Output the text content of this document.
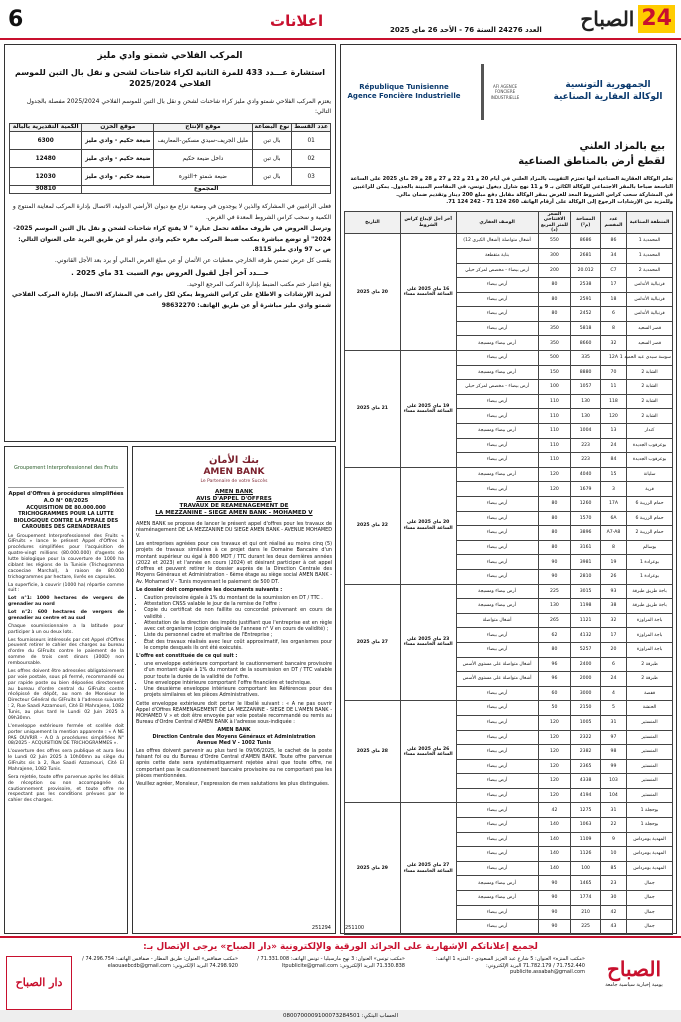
6	اعلانات	العدد 24276 السنة 76 - الأحد 26 ماي 2025 الصباح 24
République Tunisienne
Agence Foncière Industrielle
AFI AGENCE FONCIERE INDUSTRIELLE
الجمهورية التونسية
الوكالة العقارية الصناعية
بيع بالمزاد العلني
لقطع أرض بالمناطق الصناعية
تعلم الوكالة العقارية الصناعية أنها تعتزم التفويت بالمزاد العلني في أيام 20 و 21 و 22 و 27 و 28 و 29 ماي 2025 على الساعة التاسعة صباحا بالمقر الاجتماعي للوكالة الكائن بـ 9 و 11 نهج شارل ديغول تونس، في المقاسم المبينة بالجدول. يمكن للراغبين في المشاركة سحب كراس الشروط المعد للغرض بمقر الوكالة مقابل دفع مبلغ 200 دينار وتقديم ضمان مالي.
وللمزيد من الإرشادات الرجوع إلى الوكالة على أرقام الهاتف 260 124 71 - 242 124 71.
المنطقة الصناعية	عدد المقسم	المساحة (م²)	السعر الافتتاحي للمتر المربع (د)	الوصف العقاري	آخر أجل لإيداع كراس الشروط	التاريخ
المحمدية 1	86	8686	550	أشغال متواصلة (أشغال الكبرى 12)	16 ماي 2025 على الساعة الخامسة مساء	20 ماي 2025
المحمدية 1	34	2681	300	بناية متقطعة		
المحمدية 2	C7	20.012	200	أرض بيضاء - مخصص لمركز حيلي		
قرنبالية الأندلس	17	2538	80	أرض بيضاء		
قرنبالية الأندلس	18	2591	80	أرض بيضاء		
قرنبالية الأندلس	6	2452	80	أرض بيضاء		
قصر السعيد	8	5818	350	أرض بيضاء		
قصر السعيد	32	8660	350	أرض بيضاء ومسيجة		
سوسة سيدي عبد الحميد 1	12A	335	500	أرض بيضاء	19 ماي 2025 على الساعة الخامسة مساء	21 ماي 2025
الشابة 2	70	8880	150	أرض بيضاء ومسيجة		
الشابة 2	11	1057	100	أرض بيضاء - مخصص لمركز حيلي		
الشابة 2	118	130	110	أرض بيضاء		
الشابة 2	120	130	110	أرض بيضاء		
كندار	13	1004	110	أرض بيضاء ومسيجة		
بوعرقوب الجديدة	24	223	110	أرض بيضاء		
بوعرقوب الجديدة	84	223	110	أرض بيضاء		
سليانة	15	4040	120	أرض بيضاء ومسيجة	20 ماي 2025 على الساعة الخامسة مساء	22 ماي 2025
قرية	3	1679	120	أرض بيضاء		
حمام الزريبة 6	17A	1260	80	أرض بيضاء		
حمام الزريبة 6	6A	1570	80	أرض بيضاء		
حمام الزريبة 2	A7-A8	3896	80	أرض بيضاء		
بوسالم	8	3161	80	أرض بيضاء		
بوعرادة 1	19	3981	90	أرض بيضاء		
بوعرادة 1	26	2810	90	أرض بيضاء		
باجة طريق طبرقة	93	3015	225	أرض بيضاء ومسيجة	23 ماي 2025 على الساعة الخامسة مساء	27 ماي 2025
باجة طريق طبرقة	38	1198	130	أرض بيضاء ومسيجة		
باجة المزاوزة	32	1121	265	أشغال متواصلة		
باجة المزاوزة	17	4132	62	أرض بيضاء		
باجة المزاوزة	20	5257	80	أرض بيضاء		
طبرقة 2	6	2400	96	أشغال متواصلة على مستوى الأسس		
طبرقة 2	24	2000	96	أشغال متواصلة على مستوى الأسس		
قفصة	4	3000	60	أرض بيضاء		
الحنشة	5	2150	50	أرض بيضاء	26 ماي 2025 على الساعة الخامسة مساء	28 ماي 2025
المنستير	31	1005	120	أرض بيضاء		
المنستير	97	2322	120	أرض بيضاء		
المنستير	98	2382	120	أرض بيضاء		
المنستير	99	2365	120	أرض بيضاء		
المنستير	103	4338	120	أرض بيضاء		
المنستير	104	4194	120	أرض بيضاء		
بوحجلة 1	31	1275	42	أرض بيضاء	27 ماي 2025 على الساعة الخامسة مساء	29 ماي 2025
بوحجلة 1	22	1063	140	أرض بيضاء		
المهدية بومرداس	9	1109	140	أرض بيضاء		
المهدية بومرداس	10	1126	140	أرض بيضاء		
المهدية بومرداس	85	100	140	أرض بيضاء		
جمال	23	1465	90	أرض بيضاء ومسيجة		
جمال	30	1774	90	أرض بيضاء ومسيجة		
جمال	42	210	90	أرض بيضاء		
جمال	43	225	90	أرض بيضاء		
251100
المركب الفلاحي شمتو وادي مليز
استشارة عـــدد 433 للمرة الثانية لكراء شاحنات لشحن و نقل بال التبن للموسم الفلاحي 2025/2024
يعتزم المركب الفلاحي شمتو وادي مليز كراء شاحنات لشحن و نقل بال التبن للموسم الفلاحي 2025/2024 مفصلة بالجدول التالي:
عدد القسط	نوع البضاعة	موقع الإنتاج	موقع الخزن	الكمية التقديرية بالبالة
01	بال تبن	مليل الجريف-سيدي مسكين-المعاريف	ضيعة حكيم - وادي مليز	6300
02	بال تبن	داخل ضيعة حكيم	ضيعة حكيم - وادي مليز	12480
03	بال تبن	ضيعة شمتو +الثورة	ضيعة حكيم - وادي مليز	12030
المجموع				30810
فعلى الراغبين في المشاركة والذين لا يوجدون في وضعية نزاع مع ديوان الأراضي الدولية، الاتصال بإدارة المركب لمعاينة المنتوج و الكمية و سحب كراس الشروط المعدة في الغرض.
وترسل العروض في ظروف مغلقة تحمل عبارة " لا يفتح كراء شاحنات لشحن و نقل بال التبن الموسم 2025-2024" أو توضع مباشرة بمكتب ضبط المركب مقره حكيم وادي مليز أو عن طريق البريد على العنوان التالي: ص ب 97 وادي مليز 8115.
يقصى كل عرض تضمن ظرفه الخارجي معطيات عن الأثمان أو عن مبلغ العرض المالي أو يرد بعد الأجل القانوني.
حـــدد آخر أجل لقبول العروض يوم السبت 31 ماي 2025 .
يقع اعتبار ختم مكتب الضبط بإدارة المركب المرجع الوحيد.
لمزيد الإرشادات و الاطلاع على كراس الشروط يمكن لكل راغب في المشاركة الاتصال بإدارة المركب الفلاحي شمتو وادي مليز مباشرة أو عن طريق الهاتف: 98632270
Groupement Interprofessionnel des Fruits
Appel d'Offres à procédures simplifiées
A.O N° 08/2025
ACQUISITION DE 80.000.000 TRICHOGRAMMES POUR LA LUTTE BIOLOGIQUE CONTRE LA PYRALE DES CAROUBES DES GRENADERAIES

Le Groupement Interprofessionnel des Fruits « GIFruits » lance le présent Appel d'Offres à procédures simplifiées pour l'acquisition de quatre-vingt millions (80.000.000) d'agents de lutte biologique pour la couverture de 1000 ha ciblant les régions de la Tunisie (Trichogramma cacoeciae Marchal), à raison de 80.000 trichogrammes par hectare, livrés en capsules.

La superficie, à couvrir (1000 ha) répartie comme suit :

Lot n°1: 1000 hectares de vergers de grenadier au nord

Lot n°2: 600 hectares de vergers de grenadier au centre et au sud

Chaque soumissionnaire a la latitude pour participer à un ou deux lots.

Les fournisseurs intéressés par cet Appel d'Offres peuvent retirer le cahier des charges au bureau d'ordre du GIFruits contre le paiement de la somme de trois cent dinars (300D) non remboursable.

Les offres doivent être adressées obligatoirement par voie postale, sous pli fermé, recommandé ou par rapide poste ou bien déposées directement au bureau d'ordre central du GIFruits contre récépissé de dépôt, au nom de Monsieur le Directeur Général du GIFruits à l'adresse suivante : 2, Rue Saadi Azzamouri, Cité El Mahrajene, 1082 Tunis, au plus tard le Lundi 02 Juin 2025 à 09h30mn.

L'enveloppe extérieure fermée et scellée doit porter uniquement la mention apparente : « A NE PAS OUVRIR - A.O à procédures simplifiées N° 08/2025 - ACQUISITION DE TRICHOGRAMMES ».

L'ouverture des offres sera publique et aura lieu le Lundi 02 Juin 2025 à 10h00mn au siège du GIFruits sis à 2, Rue Saadi Azzamouri, Cité El Mahrajene, 1082 Tunis.

Sera rejetée, toute offre parvenue après les délais de réception ou non accompagnée du cautionnement provisoire, et toute offre ne respectant pas les conditions prévues par le cahier des charges.

بنك الأمان
AMEN BANK
Le Partenaire de votre Succès
AMEN BANK
AVIS D'APPEL D'OFFRES
TRAVAUX DE REAMENAGEMENT DE
LA MEZZANINE - SIEGE AMEN BANK - MOHAMED V

AMEN BANK se propose de lancer le présent appel d'offres pour les travaux de réaménagement DE LA MEZZANINE DU SIEGE AMEN BANK - AVENUE MOHAMED V.

Les entreprises agréées pour ces travaux et qui ont réalisé au moins cinq (5) projets de travaux similaires à ce projet dans le Domaine Bancaire d'un montant supérieur ou égal à 800 MDT / TTC durant les deux dernières années (2022 et 2023) et l'année en cours (2024) et désirant participer à cet appel d'offres et peuvent retirer le dossier auprès de la Direction Centrale des Moyens Généraux et Administration - 6ème étage au siège social AMEN BANK - Av. Mohamed V - Tunis moyennant le paiement de 500 DT.

Le dossier doit comprendre les documents suivants :

• Caution provisoire égale à 1% du montant de la soumission en DT / TTC .
• Attestation CNSS valable le jour de la remise de l'offre :
• Copie du certificat de non faillite ou concordat prévenant en cours de validité .
• Attestation de la direction des impôts justifiant que l'entreprise est en règle avec cet organisme (copie originale de l'annexe n° V en cours de validité) ;
• Liste du personnel cadre et maîtrise de l'Entreprise ;
• État des travaux réalisés avec leur coût approximatif, les organismes pour le compte desquels ils ont été exécutés.

L'offre est constituée de ce qui suit :

• une enveloppe extérieure comportant le cautionnement bancaire provisoire d'un montant égale à 1% du montant de la soumission en DT / TTC valable pour toute la durée de la validité de l'offre.
• Une enveloppe intérieure comportant l'offre financière et technique.
• Une deuxième enveloppe intérieure comportant les Références pour des projets similaires et les pièces Administratives.

Cette enveloppe extérieure doit porter le libellé suivant : « A ne pas ouvrir Appel d'Offres REAMENAGEMENT DE LA MEZZANINE - SIEGE DE L'AMEN BANK - MOHAMED V » et doit être envoyée par voie postale recommandé ou remis au Bureau d'Ordre Central d'AMEN BANK à l'adresse sous-indiquée :

AMEN BANK
Direction Centrale des Moyens Généraux et Administration
Avenue Med V - 1002 Tunis

Les offres doivent parvenir au plus tard le 09/06/2025, le cachet de la poste faisant foi ou du Bureau d'Ordre Central d'AMEN BANK. Toute offre parvenue après cette date sera systématiquement rejetée ainsi que toute offre, ne comportant pas le cautionnement bancaire provisoire ou ne comportant pas les pièces mentionnées.

Veuillez agréer, Monsieur, l'expression de mes salutations les plus distinguées.

251294
لجميع إعلاناتكم الإشهارية على الجرائد الورقية والإلكترونية «دار الصباح» يرجى الإتصال بـ:
الصباح
يومية إخبارية سياسية جامعة
«مكتب المنزه» العنوان: 5 شارع عبد العزيز السعودي - المنزه 1 الهاتف: 71.752.440 / 71.782.179 البريد الإلكتروني: publicite.assabah@gmail.com
«مكتب تونس» العنوان: 3 نهج مارسيليا - تونس الهاتف: 71.331.008 / 71.330.838 البريد الإلكتروني: ltpublicite@gmail.com
«مكتب صفاقس» العنوان: طريق المطار - صفاقس الهاتف: 74.296.754 / 74.298.920 البريد الإلكتروني: elaouaebcdb@gmail.com
دار الصباح
الحساب البنكي: 0800700009100073284501
